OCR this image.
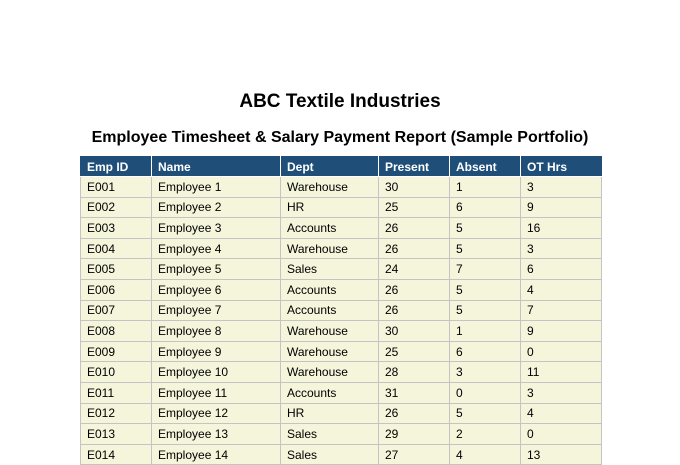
ABC Textile Industries
Employee Timesheet & Salary Payment Report (Sample Portfolio)
Emp ID	Name	Dept	Present	Absent	OT Hrs
E001	Employee 1	Warehouse	30	1	3
E002	Employee 2	HR	25	6	9
E003	Employee 3	Accounts	26	5	16
E004	Employee 4	Warehouse	26	5	3
E005	Employee 5	Sales	24	7	6
E006	Employee 6	Accounts	26	5	4
E007	Employee 7	Accounts	26	5	7
E008	Employee 8	Warehouse	30	1	9
E009	Employee 9	Warehouse	25	6	0
E010	Employee 10	Warehouse	28	3	11
E011	Employee 11	Accounts	31	0	3
E012	Employee 12	HR	26	5	4
E013	Employee 13	Sales	29	2	0
E014	Employee 14	Sales	27	4	13
